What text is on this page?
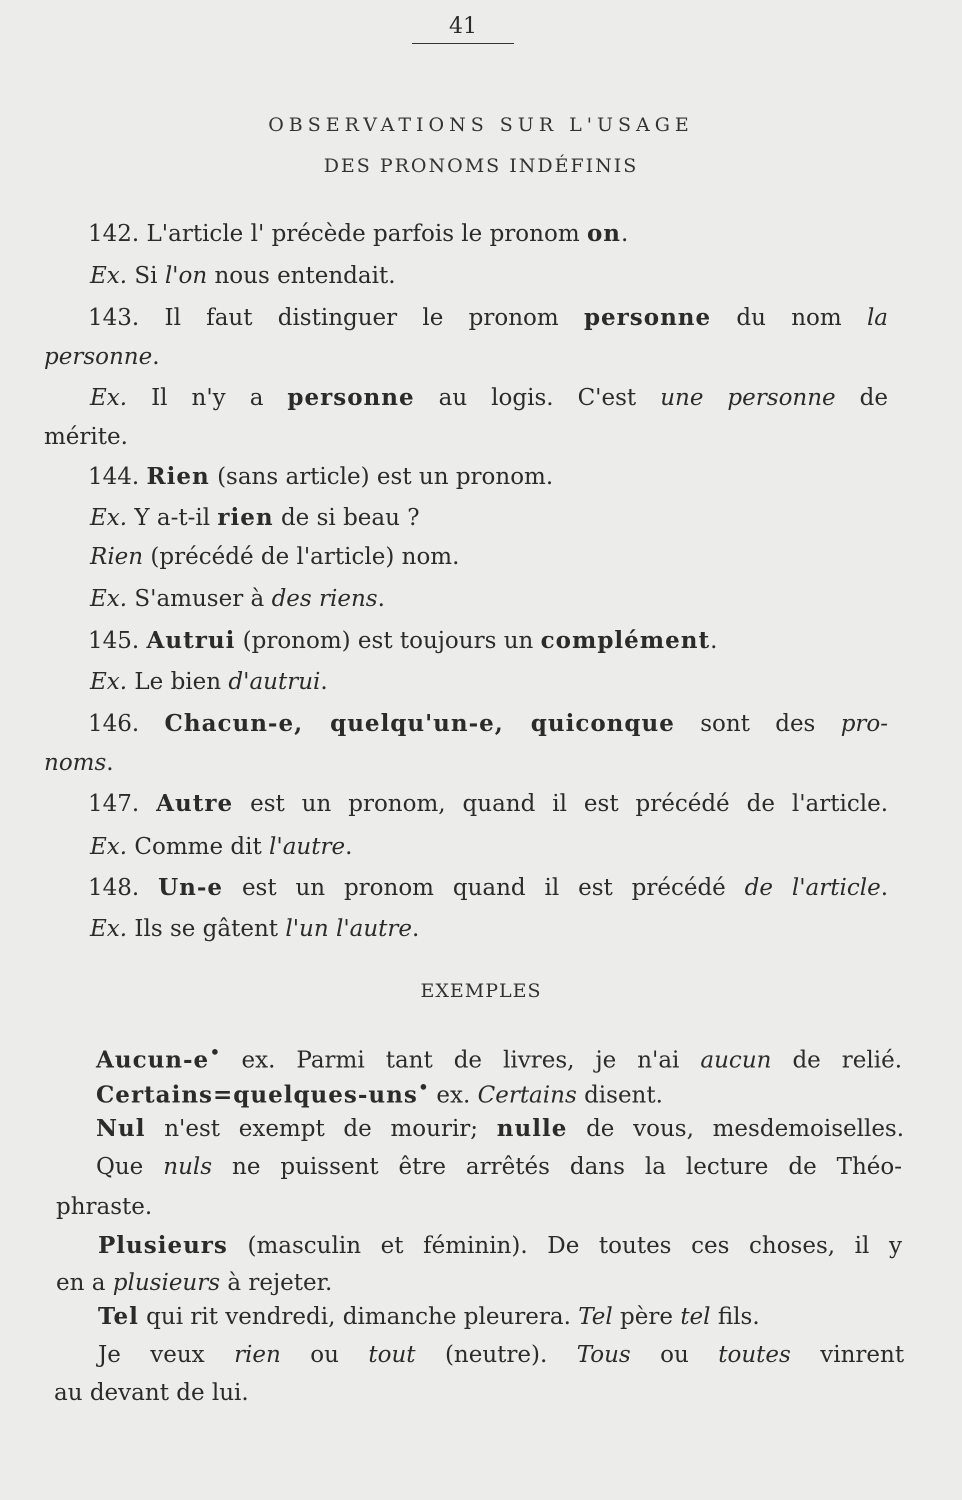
41
OBSERVATIONS SUR L'USAGE
DES PRONOMS INDÉFINIS
142. L'article l' précède parfois le pronom on.
Ex. Si l'on nous entendait.
143. Il faut distinguer le pronom personne du nom la
personne.
Ex. Il n'y a personne au logis. C'est une personne de
mérite.
144. Rien (sans article) est un pronom.
Ex. Y a-t-il rien de si beau ?
Rien (précédé de l'article) nom.
Ex. S'amuser à des riens.
145. Autrui (pronom) est toujours un complément.
Ex. Le bien d'autrui.
146. Chacun-e, quelqu'un-e, quiconque sont des pro-
noms.
147. Autre est un pronom, quand il est précédé de l'article.
Ex. Comme dit l'autre.
148. Un-e est un pronom quand il est précédé de l'article.
Ex. Ils se gâtent l'un l'autre.
EXEMPLES
Aucun-e• ex. Parmi tant de livres, je n'ai aucun de relié.
Certains=quelques-uns• ex. Certains disent.
Nul n'est exempt de mourir; nulle de vous, mesdemoiselles.
Que nuls ne puissent être arrêtés dans la lecture de Théo-
phraste.
Plusieurs (masculin et féminin). De toutes ces choses, il y
en a plusieurs à rejeter.
Tel qui rit vendredi, dimanche pleurera. Tel père tel fils.
Je veux rien ou tout (neutre). Tous ou toutes vinrent
au devant de lui.
